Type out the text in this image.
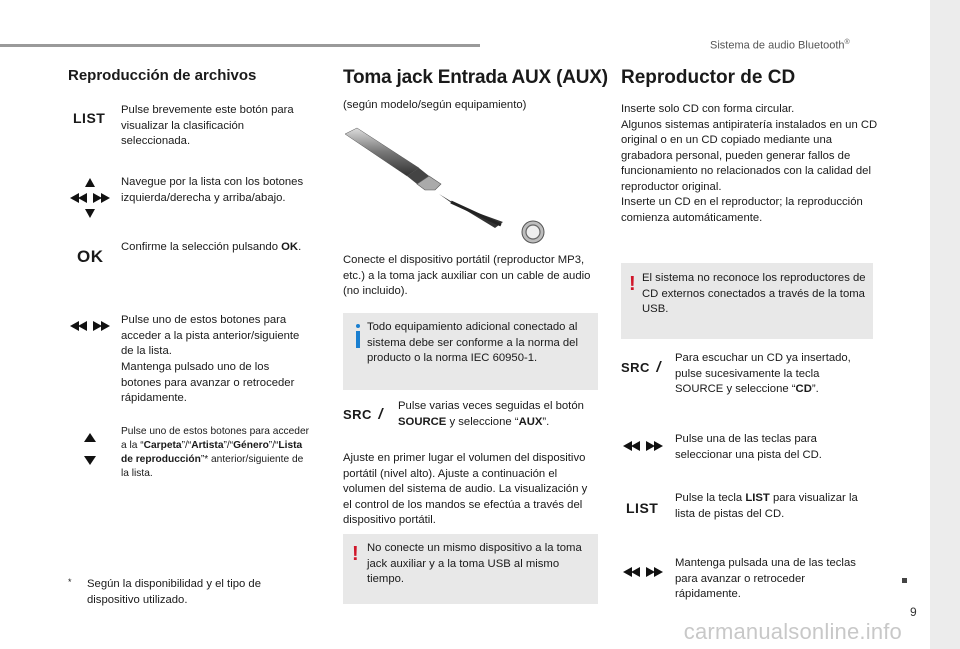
Sistema de audio Bluetooth®
9
Reproducción de archivos
LIST Pulse brevemente este botón para visualizar la clasificación seleccionada.
Navegue por la lista con los botones izquierda/derecha y arriba/abajo.
OK Confirme la selección pulsando OK.
Pulse uno de estos botones para acceder a la pista anterior/siguiente de la lista.
Mantenga pulsado uno de los botones para avanzar o retroceder rápidamente.
Pulse uno de estos botones para acceder a la “Carpeta”/“Artista”/“Género”/“Lista de reproducción”* anterior/siguiente de la lista.
* Según la disponibilidad y el tipo de dispositivo utilizado.
Toma jack Entrada AUX (AUX)
(según modelo/según equipamiento)
Conecte el dispositivo portátil (reproductor MP3, etc.) a la toma jack auxiliar con un cable de audio (no incluido).
Todo equipamiento adicional conectado al sistema debe ser conforme a la norma del producto o la norma IEC 60950-1.
SRC /	Pulse varias veces seguidas el botón SOURCE y seleccione “AUX”.
Ajuste en primer lugar el volumen del dispositivo portátil (nivel alto). Ajuste a continuación el volumen del sistema de audio. La visualización y el control de los mandos se efectúa a través del dispositivo portátil.
! No conecte un mismo dispositivo a la toma jack auxiliar y a la toma USB al mismo tiempo.
Reproductor de CD
Inserte solo CD con forma circular.
Algunos sistemas antipiratería instalados en un CD original o en un CD copiado mediante una grabadora personal, pueden generar fallos de funcionamiento no relacionados con la calidad del reproductor original.
Inserte un CD en el reproductor; la reproducción comienza automáticamente.
! El sistema no reconoce los reproductores de CD externos conectados a través de la toma USB.
SRC /
Para escuchar un CD ya insertado, pulse sucesivamente la tecla SOURCE y seleccione “CD”.
Pulse una de las teclas para seleccionar una pista del CD.
LIST
Pulse la tecla LIST para visualizar la lista de pistas del CD.
Mantenga pulsada una de las teclas para avanzar o retroceder rápidamente.
carmanualsonline.info
